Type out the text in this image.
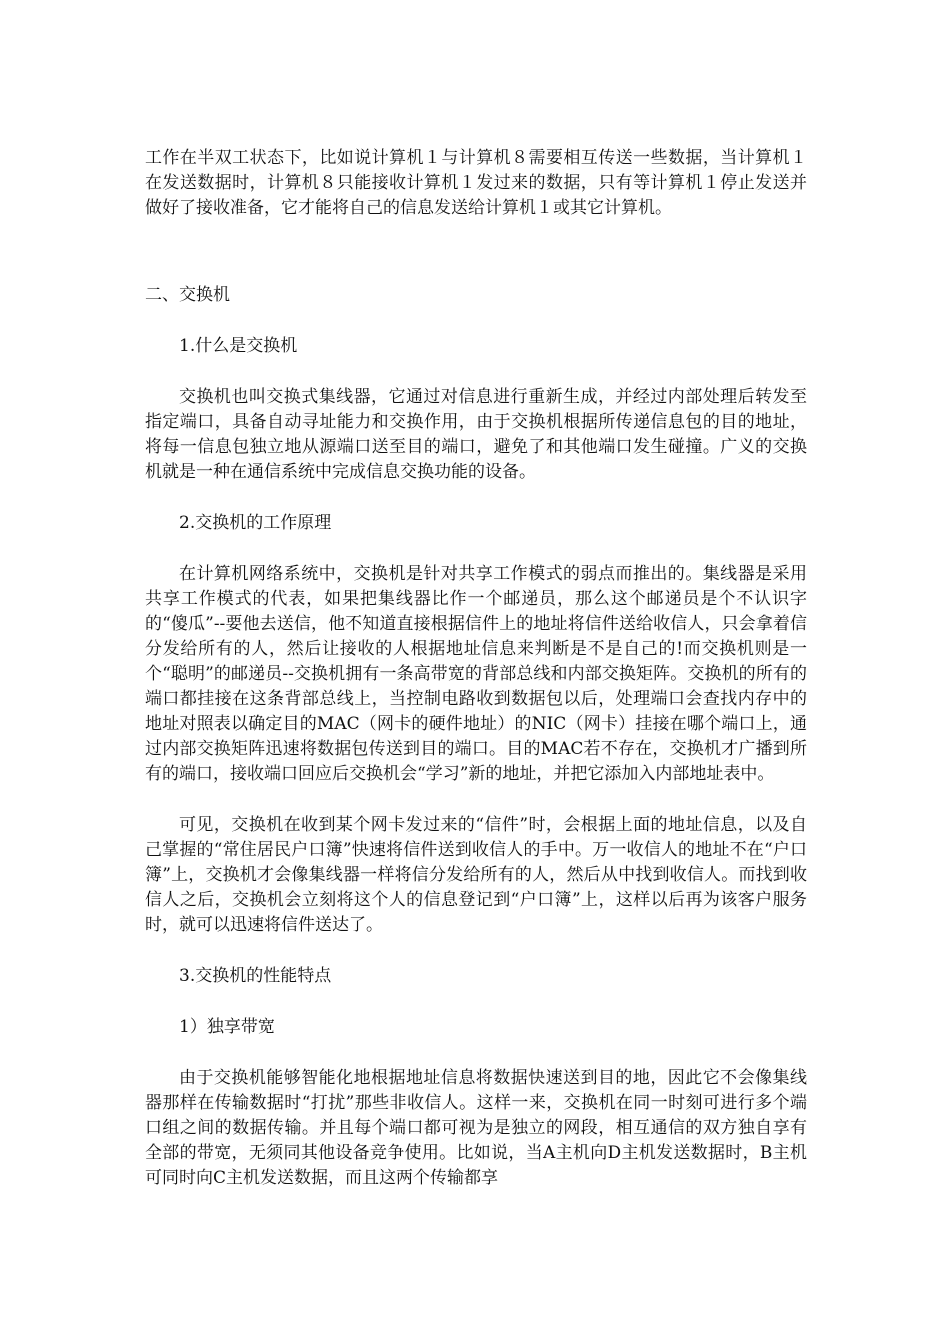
工作在半双工状态下，比如说计算机１与计算机８需要相互传送一些数据，当计算机１在发送数据时，计算机８只能接收计算机１发过来的数据，只有等计算机１停止发送并做好了接收准备，它才能将自己的信息发送给计算机１或其它计算机。

二、交换机

1.什么是交换机

交换机也叫交换式集线器，它通过对信息进行重新生成，并经过内部处理后转发至指定端口，具备自动寻址能力和交换作用，由于交换机根据所传递信息包的目的地址，将每一信息包独立地从源端口送至目的端口，避免了和其他端口发生碰撞。广义的交换机就是一种在通信系统中完成信息交换功能的设备。

2.交换机的工作原理

在计算机网络系统中，交换机是针对共享工作模式的弱点而推出的。集线器是采用共享工作模式的代表，如果把集线器比作一个邮递员，那么这个邮递员是个不认识字的“傻瓜”--要他去送信，他不知道直接根据信件上的地址将信件送给收信人，只会拿着信分发给所有的人，然后让接收的人根据地址信息来判断是不是自己的!而交换机则是一个“聪明”的邮递员--交换机拥有一条高带宽的背部总线和内部交换矩阵。交换机的所有的端口都挂接在这条背部总线上，当控制电路收到数据包以后，处理端口会查找内存中的地址对照表以确定目的MAC（网卡的硬件地址）的NIC（网卡）挂接在哪个端口上，通过内部交换矩阵迅速将数据包传送到目的端口。目的MAC若不存在，交换机才广播到所有的端口，接收端口回应后交换机会“学习”新的地址，并把它添加入内部地址表中。

可见，交换机在收到某个网卡发过来的“信件”时，会根据上面的地址信息，以及自己掌握的“常住居民户口簿”快速将信件送到收信人的手中。万一收信人的地址不在“户口簿”上，交换机才会像集线器一样将信分发给所有的人，然后从中找到收信人。而找到收信人之后，交换机会立刻将这个人的信息登记到“户口簿”上，这样以后再为该客户服务时，就可以迅速将信件送达了。

3.交换机的性能特点

1）独享带宽

由于交换机能够智能化地根据地址信息将数据快速送到目的地，因此它不会像集线器那样在传输数据时“打扰”那些非收信人。这样一来，交换机在同一时刻可进行多个端口组之间的数据传输。并且每个端口都可视为是独立的网段，相互通信的双方独自享有全部的带宽，无须同其他设备竞争使用。比如说，当A主机向D主机发送数据时，B主机可同时向C主机发送数据，而且这两个传输都享
